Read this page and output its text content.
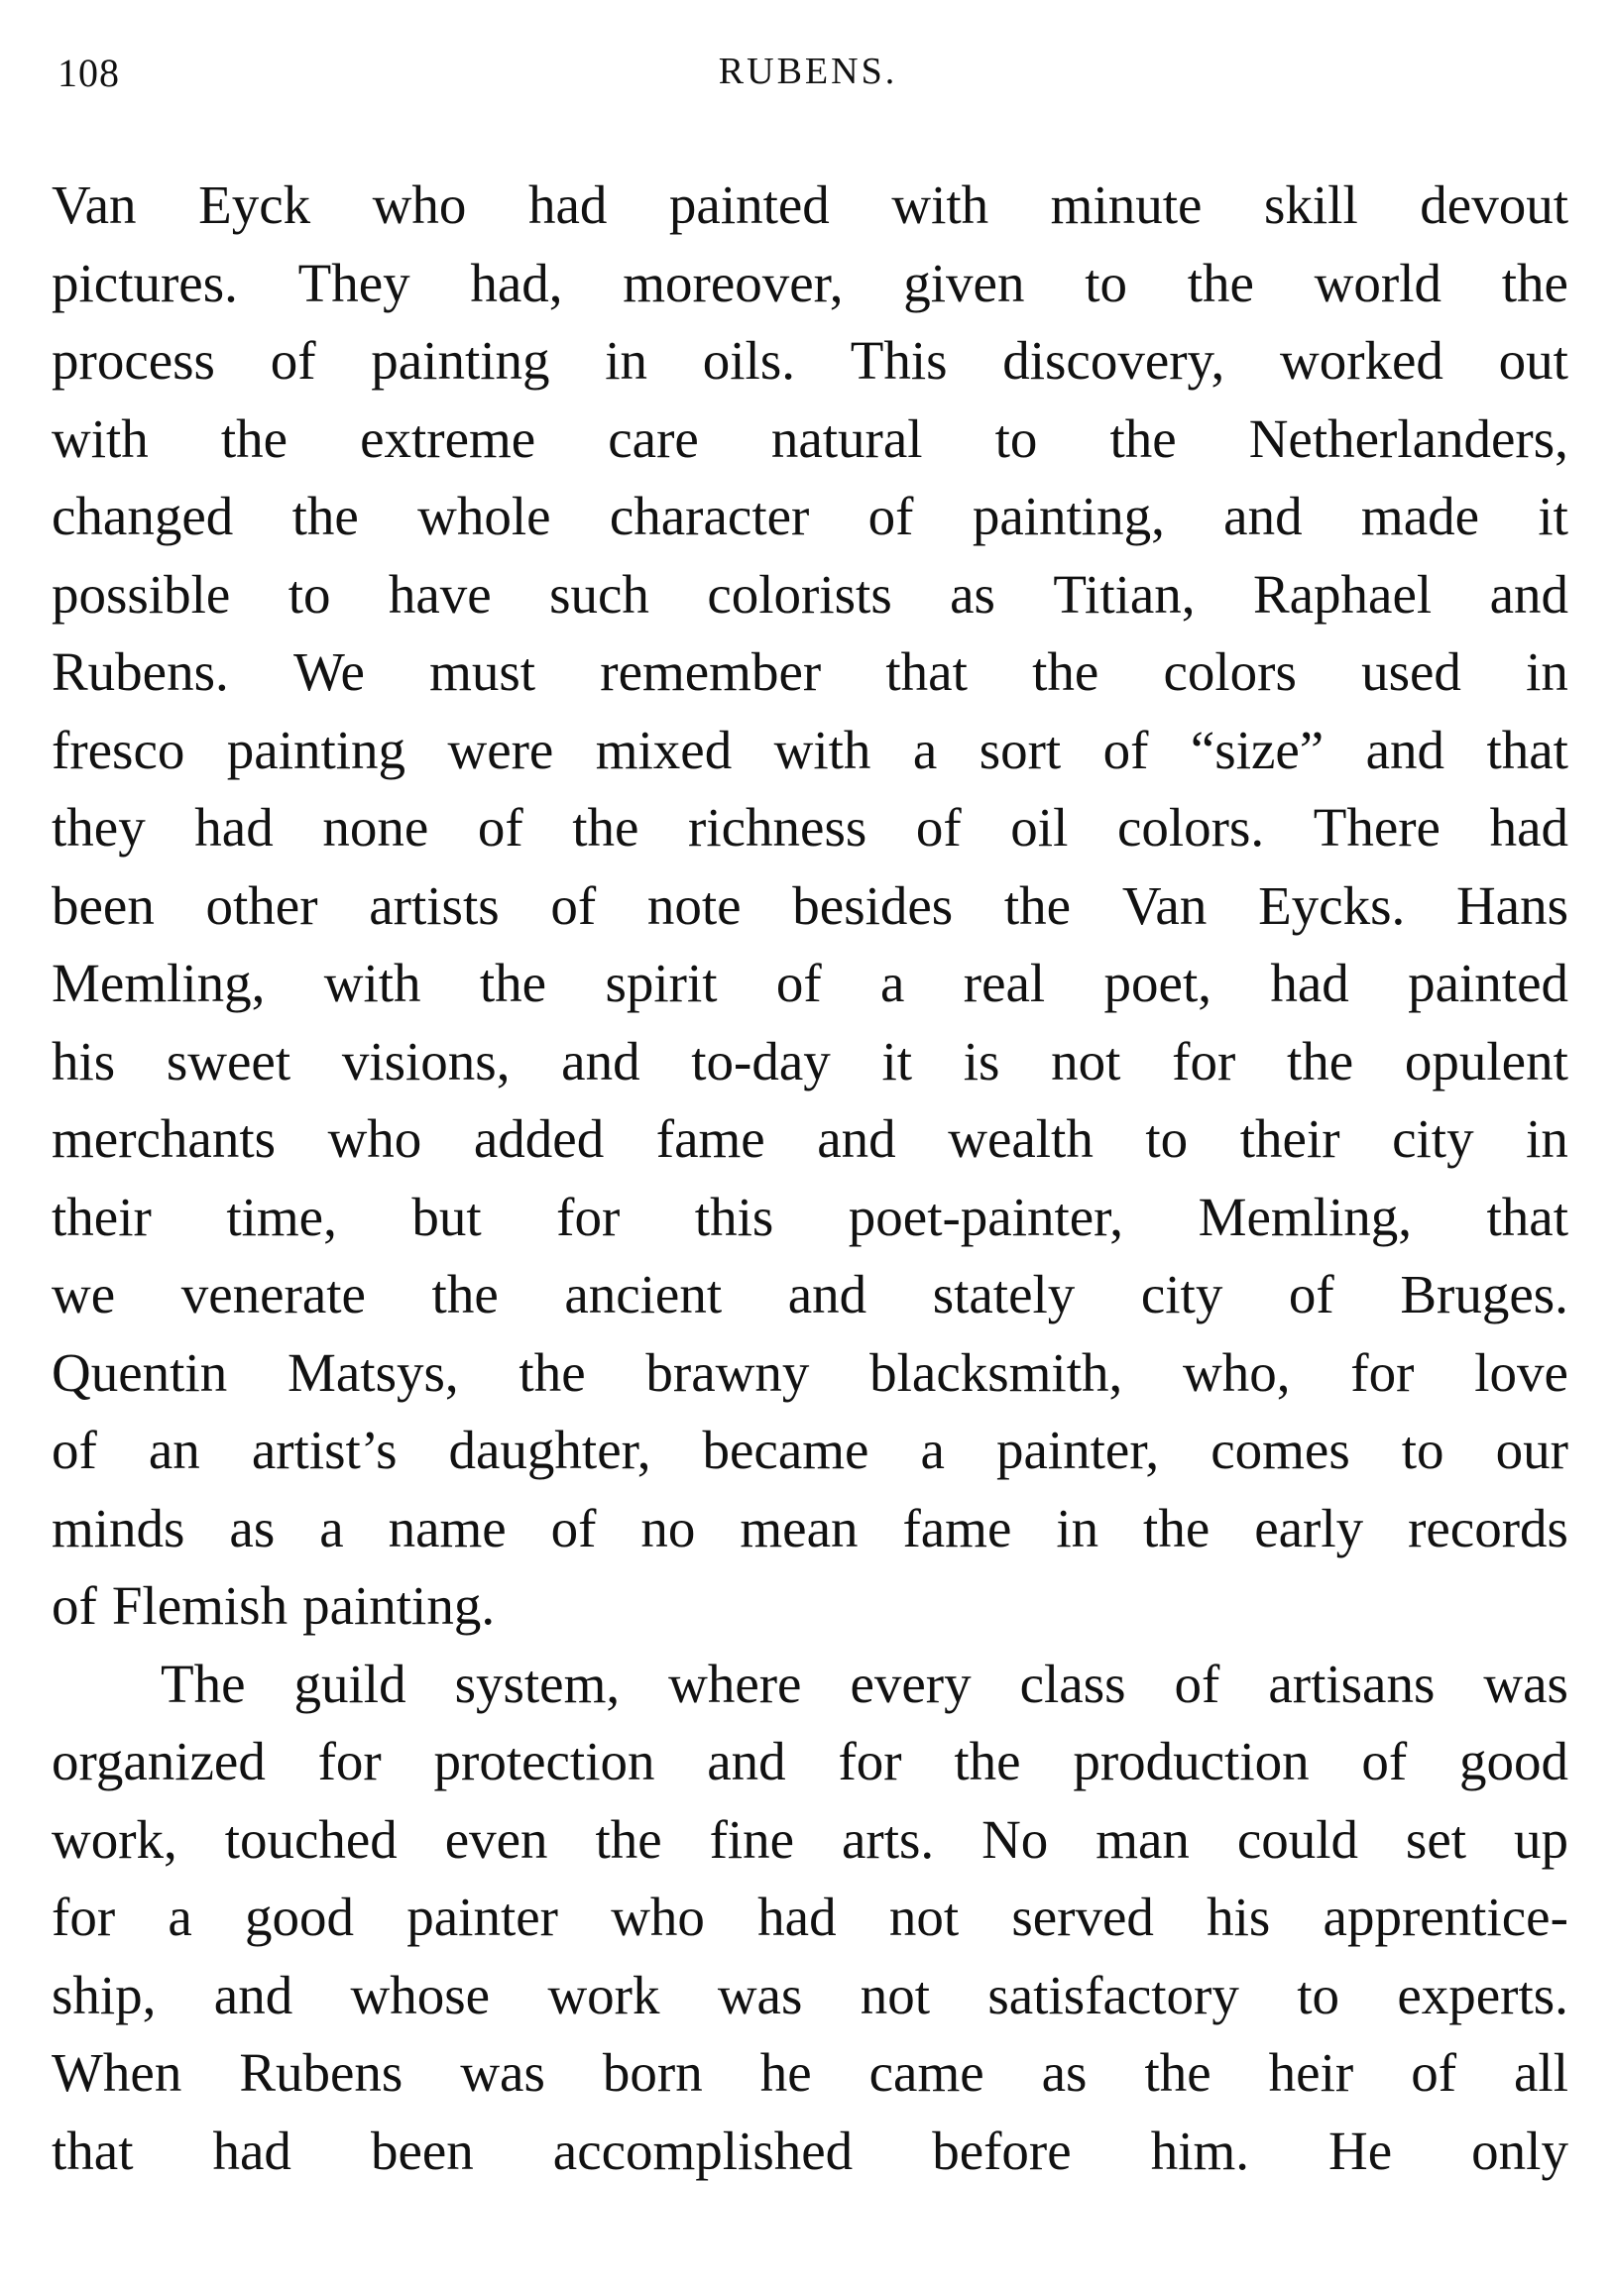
108	RUBENS.
Van Eyck who had painted with minute skill devout
pictures. They had, moreover, given to the world the
process of painting in oils. This discovery, worked out
with the extreme care natural to the Netherlanders,
changed the whole character of painting, and made it
possible to have such colorists as Titian, Raphael and
Rubens. We must remember that the colors used in
fresco painting were mixed with a sort of “size” and that
they had none of the richness of oil colors. There had
been other artists of note besides the Van Eycks. Hans
Memling, with the spirit of a real poet, had painted
his sweet visions, and to-day it is not for the opulent
merchants who added fame and wealth to their city in
their time, but for this poet-painter, Memling, that
we venerate the ancient and stately city of Bruges.
Quentin Matsys, the brawny blacksmith, who, for love
of an artist’s daughter, became a painter, comes to our
minds as a name of no mean fame in the early records
of Flemish painting.
The guild system, where every class of artisans was
organized for protection and for the production of good
work, touched even the fine arts. No man could set up
for a good painter who had not served his apprentice-
ship, and whose work was not satisfactory to experts.
When Rubens was born he came as the heir of all
that had been accomplished before him. He only
